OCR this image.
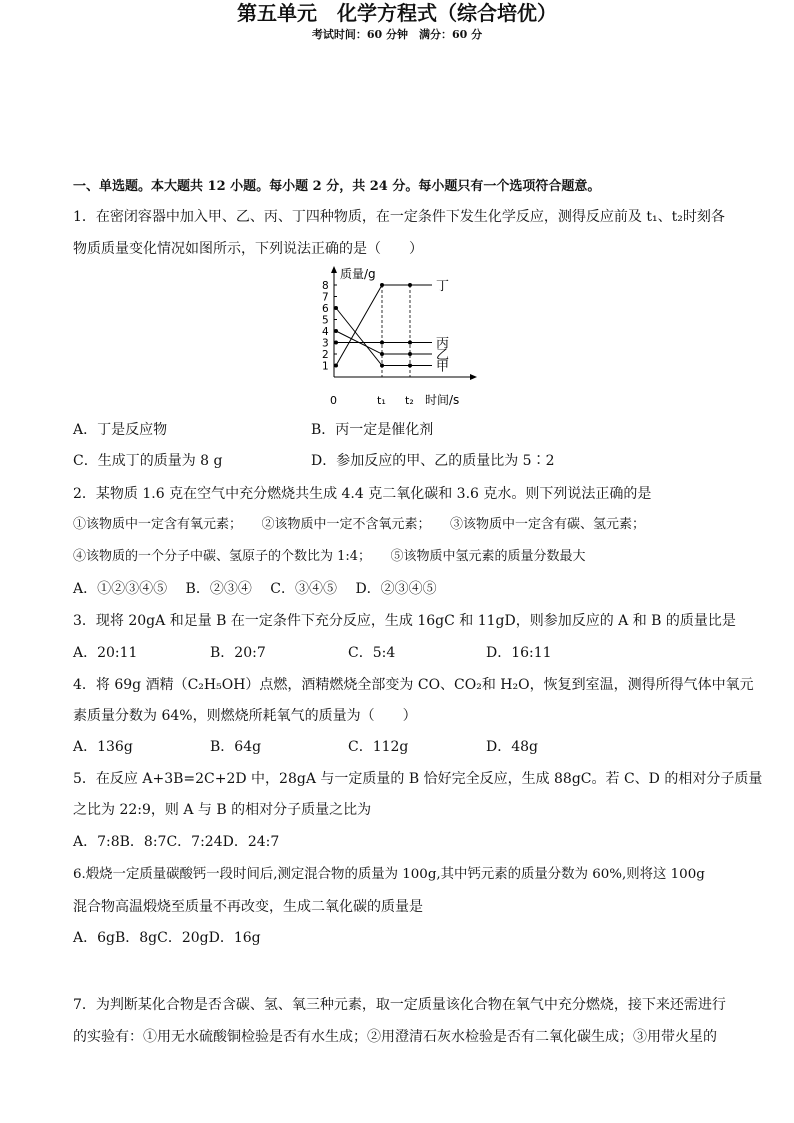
第五单元　化学方程式（综合培优）
考试时间：60 分钟　满分：60 分
一、单选题。本大题共 12 小题。每小题 2 分，共 24 分。每小题只有一个选项符合题意。
1．在密闭容器中加入甲、乙、丙、丁四种物质，在一定条件下发生化学反应，测得反应前及 t₁、t₂时刻各
物质质量变化情况如图所示，下列说法正确的是（　　）
质量/g
时间/s
0
1
2
3
4
5
6
7
8
t₁ t₂
丁
丙
乙
甲
A．丁是反应物	B．丙一定是催化剂
C．生成丁的质量为 8 g	D．参加反应的甲、乙的质量比为 5∶2
2．某物质 1.6 克在空气中充分燃烧共生成 4.4 克二氧化碳和 3.6 克水。则下列说法正确的是
①该物质中一定含有氧元素；　　②该物质中一定不含氧元素；　　③该物质中一定含有碳、氢元素；
④该物质的一个分子中碳、氢原子的个数比为 1:4；　　⑤该物质中氢元素的质量分数最大
A．①②③④⑤　 B．②③④　 C．③④⑤　 D．②③④⑤
3．现将 20gA 和足量 B 在一定条件下充分反应，生成 16gC 和 11gD，则参加反应的 A 和 B 的质量比是
A．20:11	B．20:7	C．5:4	D．16:11
4．将 69g 酒精（C₂H₅OH）点燃，酒精燃烧全部变为 CO、CO₂和 H₂O，恢复到室温，测得所得气体中氧元
素质量分数为 64%，则燃烧所耗氧气的质量为（　　）
A．136g	B．64g	C．112g	D．48g
5．在反应 A+3B=2C+2D 中，28gA 与一定质量的 B 恰好完全反应，生成 88gC。若 C、D 的相对分子质量
之比为 22:9，则 A 与 B 的相对分子质量之比为
A．7:8B．8:7C．7:24D．24:7
6.煅烧一定质量碳酸钙一段时间后,测定混合物的质量为 100g,其中钙元素的质量分数为 60%,则将这 100g
混合物高温煅烧至质量不再改变，生成二氧化碳的质量是
A．6gB．8gC．20gD．16g
7．为判断某化合物是否含碳、氢、氧三种元素，取一定质量该化合物在氧气中充分燃烧，接下来还需进行
的实验有：①用无水硫酸铜检验是否有水生成；②用澄清石灰水检验是否有二氧化碳生成；③用带火星的
